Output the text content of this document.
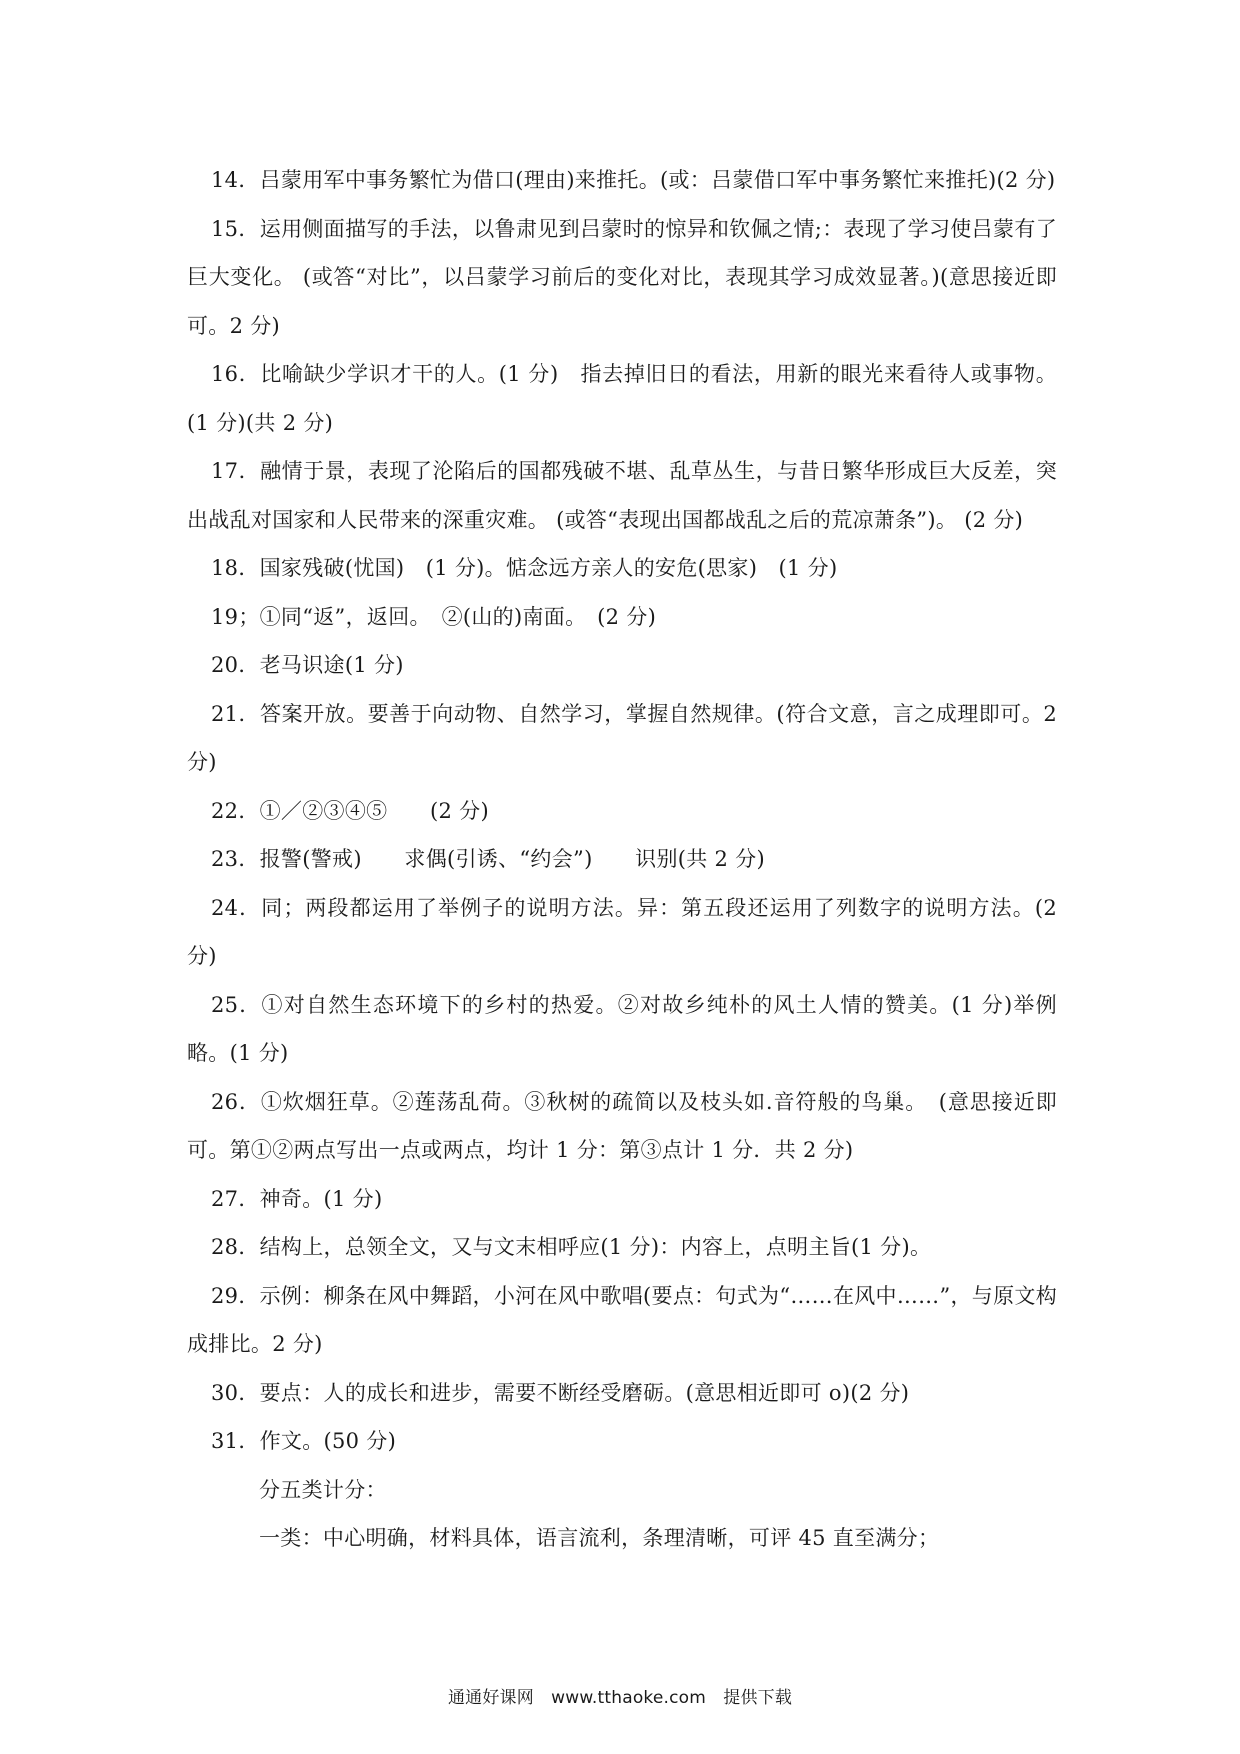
14．吕蒙用军中事务繁忙为借口(理由)来推托。(或：吕蒙借口军中事务繁忙来推托)(2 分)

15．运用侧面描写的手法，以鲁肃见到吕蒙时的惊异和钦佩之情;：表现了学习使吕蒙有了巨大变化。 (或答“对比”，以吕蒙学习前后的变化对比，表现其学习成效显著。)(意思接近即可。2 分)

16．比喻缺少学识才干的人。(1 分)　指去掉旧日的看法，用新的眼光来看待人或事物。(1 分)(共 2 分)

17．融情于景，表现了沦陷后的国都残破不堪、乱草丛生，与昔日繁华形成巨大反差，突出战乱对国家和人民带来的深重灾难。 (或答“表现出国都战乱之后的荒凉萧条”)。 (2 分)

18．国家残破(忧国)　(1 分)。惦念远方亲人的安危(思家)　(1 分)

19；①同“返”，返回。　②(山的)南面。　(2 分)

20．老马识途(1 分)

21．答案开放。要善于向动物、自然学习，掌握自然规律。(符合文意，言之成理即可。2 分)

22．①／②③④⑤　　(2 分)

23．报警(警戒)　　求偶(引诱、“约会”)　　识别(共 2 分)

24．同；两段都运用了举例子的说明方法。异：第五段还运用了列数字的说明方法。(2 分)

25．①对自然生态环境下的乡村的热爱。②对故乡纯朴的风土人情的赞美。(1 分)举例略。(1 分)

26．①炊烟狂草。②莲荡乱荷。③秋树的疏简以及枝头如.音符般的鸟巢。　(意思接近即可。第①②两点写出一点或两点，均计 1 分：第③点计 1 分．共 2 分)

27．神奇。(1 分)

28．结构上，总领全文，又与文末相呼应(1 分)：内容上，点明主旨(1 分)。

29．示例：柳条在风中舞蹈，小河在风中歌唱(要点：句式为“……在风中……”，与原文构成排比。2 分)

30．要点：人的成长和进步，需要不断经受磨砺。(意思相近即可 o)(2 分)

31．作文。(50 分)

分五类计分：

一类：中心明确，材料具体，语言流利，条理清晰，可评 45 直至满分；

通通好课网　www.tthaoke.com　提供下载
